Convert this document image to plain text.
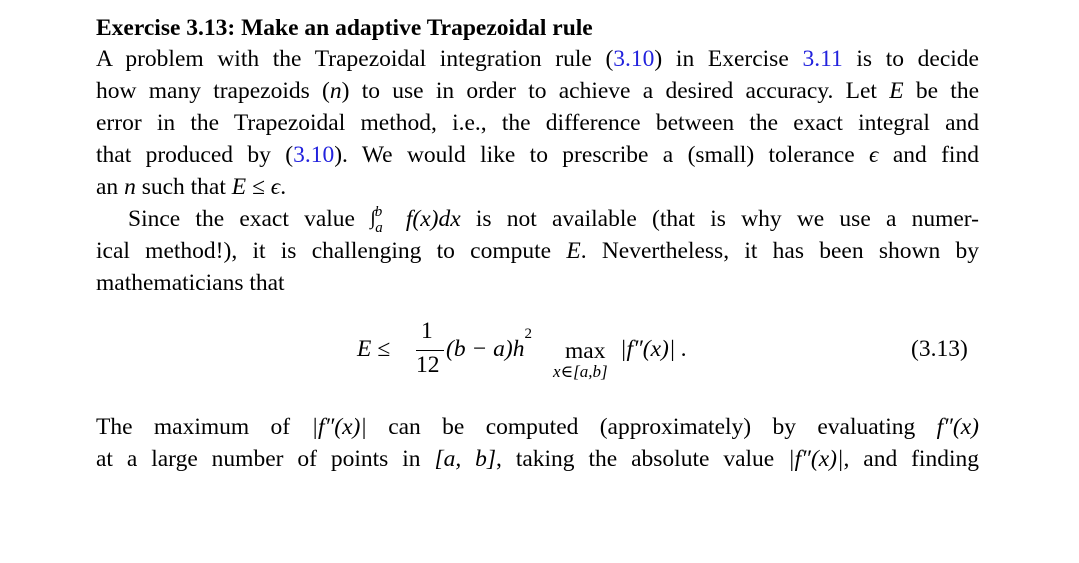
Exercise 3.13: Make an adaptive Trapezoidal rule
A problem with the Trapezoidal integration rule (3.10) in Exercise 3.11 is to decide
how many trapezoids (n) to use in order to achieve a desired accuracy. Let E be the
error in the Trapezoidal method, i.e., the difference between the exact integral and
that produced by (3.10). We would like to prescribe a (small) tolerance ϵ and find
an n such that E ≤ ϵ.
Since the exact value ∫$^b_a$ f(x)dx is not available (that is why we use a numer-
ical method!), it is challenging to compute E. Nevertheless, it has been shown by
mathematicians that
E ≤
1
12
(b − a)h
2
max
x∈[a,b]
|f″(x)| .	(3.13)
The maximum of |f″(x)| can be computed (approximately) by evaluating f″(x)
at a large number of points in [a, b], taking the absolute value |f″(x)|, and finding
